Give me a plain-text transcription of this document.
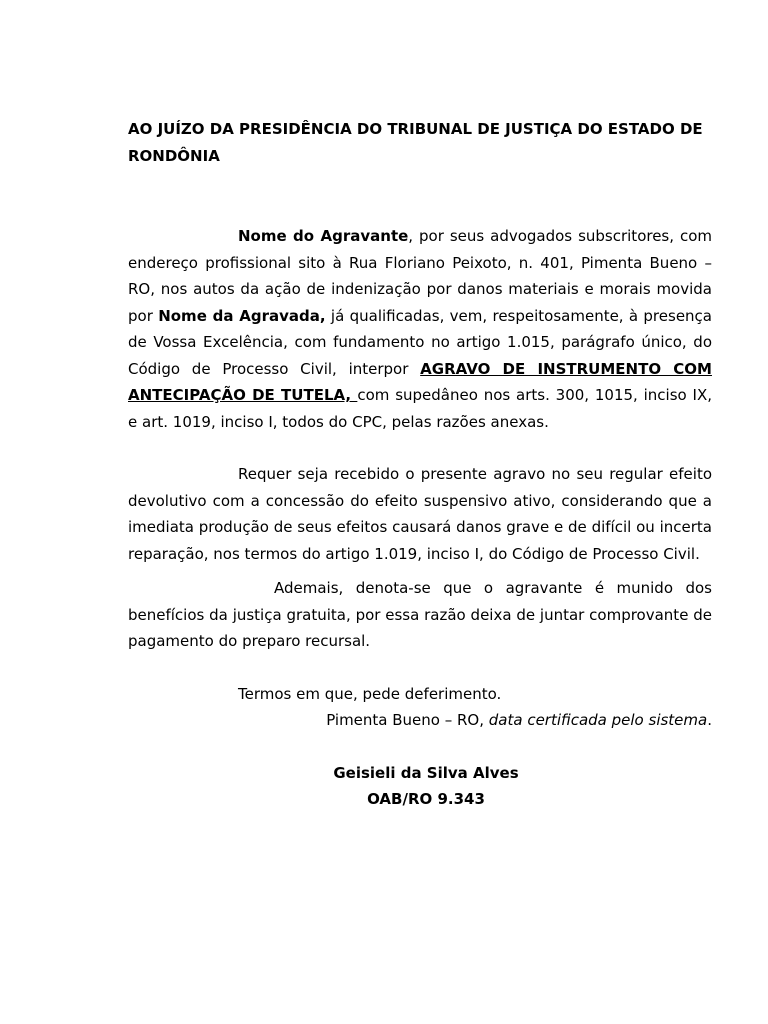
AO JUÍZO DA PRESIDÊNCIA DO TRIBUNAL DE JUSTIÇA DO ESTADO DE RONDÔNIA

Nome do Agravante, por seus advogados subscritores, com endereço profissional sito à Rua Floriano Peixoto, n. 401, Pimenta Bueno – RO, nos autos da ação de indenização por danos materiais e morais movida por Nome da Agravada, já qualificadas, vem, respeitosamente, à presença de Vossa Excelência, com fundamento no artigo 1.015, parágrafo único, do Código de Processo Civil, interpor AGRAVO DE INSTRUMENTO COM ANTECIPAÇÃO DE TUTELA, com supedâneo nos arts. 300, 1015, inciso IX, e art. 1019, inciso I, todos do CPC, pelas razões anexas.

Requer seja recebido o presente agravo no seu regular efeito devolutivo com a concessão do efeito suspensivo ativo, considerando que a imediata produção de seus efeitos causará danos grave e de difícil ou incerta reparação, nos termos do artigo 1.019, inciso I, do Código de Processo Civil.

Ademais, denota-se que o agravante é munido dos benefícios da justiça gratuita, por essa razão deixa de juntar comprovante de pagamento do preparo recursal.

Termos em que, pede deferimento.

Pimenta Bueno – RO, data certificada pelo sistema.

Geisieli da Silva Alves
OAB/RO 9.343
